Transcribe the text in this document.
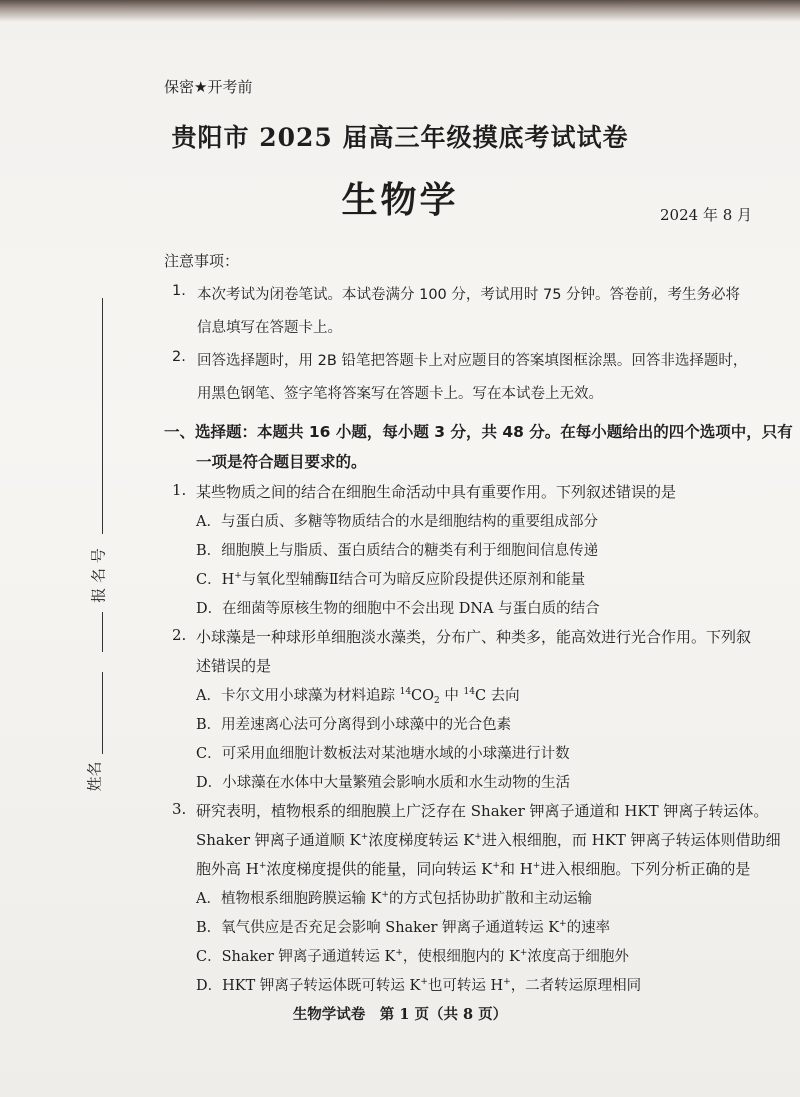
保密★开考前
贵阳市 2025 届高三年级摸底考试试卷
生物学	2024 年 8 月
报 名 号
姓名
注意事项：
1. 本次考试为闭卷笔试。本试卷满分 100 分，考试用时 75 分钟。答卷前，考生务必将
信息填写在答题卡上。
2. 回答选择题时，用 2B 铅笔把答题卡上对应题目的答案填图框涂黑。回答非选择题时，
用黑色钢笔、签字笔将答案写在答题卡上。写在本试卷上无效。
一、选择题：本题共 16 小题，每小题 3 分，共 48 分。在每小题给出的四个选项中，只有
一项是符合题目要求的。
1. 某些物质之间的结合在细胞生命活动中具有重要作用。下列叙述错误的是
A．与蛋白质、多糖等物质结合的水是细胞结构的重要组成部分
B．细胞膜上与脂质、蛋白质结合的糖类有利于细胞间信息传递
C．H+与氧化型辅酶Ⅱ结合可为暗反应阶段提供还原剂和能量
D．在细菌等原核生物的细胞中不会出现 DNA 与蛋白质的结合
2. 小球藻是一种球形单细胞淡水藻类，分布广、种类多，能高效进行光合作用。下列叙
述错误的是
A．卡尔文用小球藻为材料追踪 $^{14}CO_2$ 中 $^{14}$C 去向
B．用差速离心法可分离得到小球藻中的光合色素
C．可采用血细胞计数板法对某池塘水域的小球藻进行计数
D．小球藻在水体中大量繁殖会影响水质和水生动物的生活
3. 研究表明，植物根系的细胞膜上广泛存在 Shaker 钾离子通道和 HKT 钾离子转运体。
Shaker 钾离子通道顺 K+浓度梯度转运 K+进入根细胞，而 HKT 钾离子转运体则借助细
胞外高 H+浓度梯度提供的能量，同向转运 K+和 H+进入根细胞。下列分析正确的是
A．植物根系细胞跨膜运输 K+的方式包括协助扩散和主动运输
B．氧气供应是否充足会影响 Shaker 钾离子通道转运 K+的速率
C．Shaker 钾离子通道转运 K+，使根细胞内的 K+浓度高于细胞外
D．HKT 钾离子转运体既可转运 K+也可转运 H+，二者转运原理相同
生物学试卷　第 1 页（共 8 页）
